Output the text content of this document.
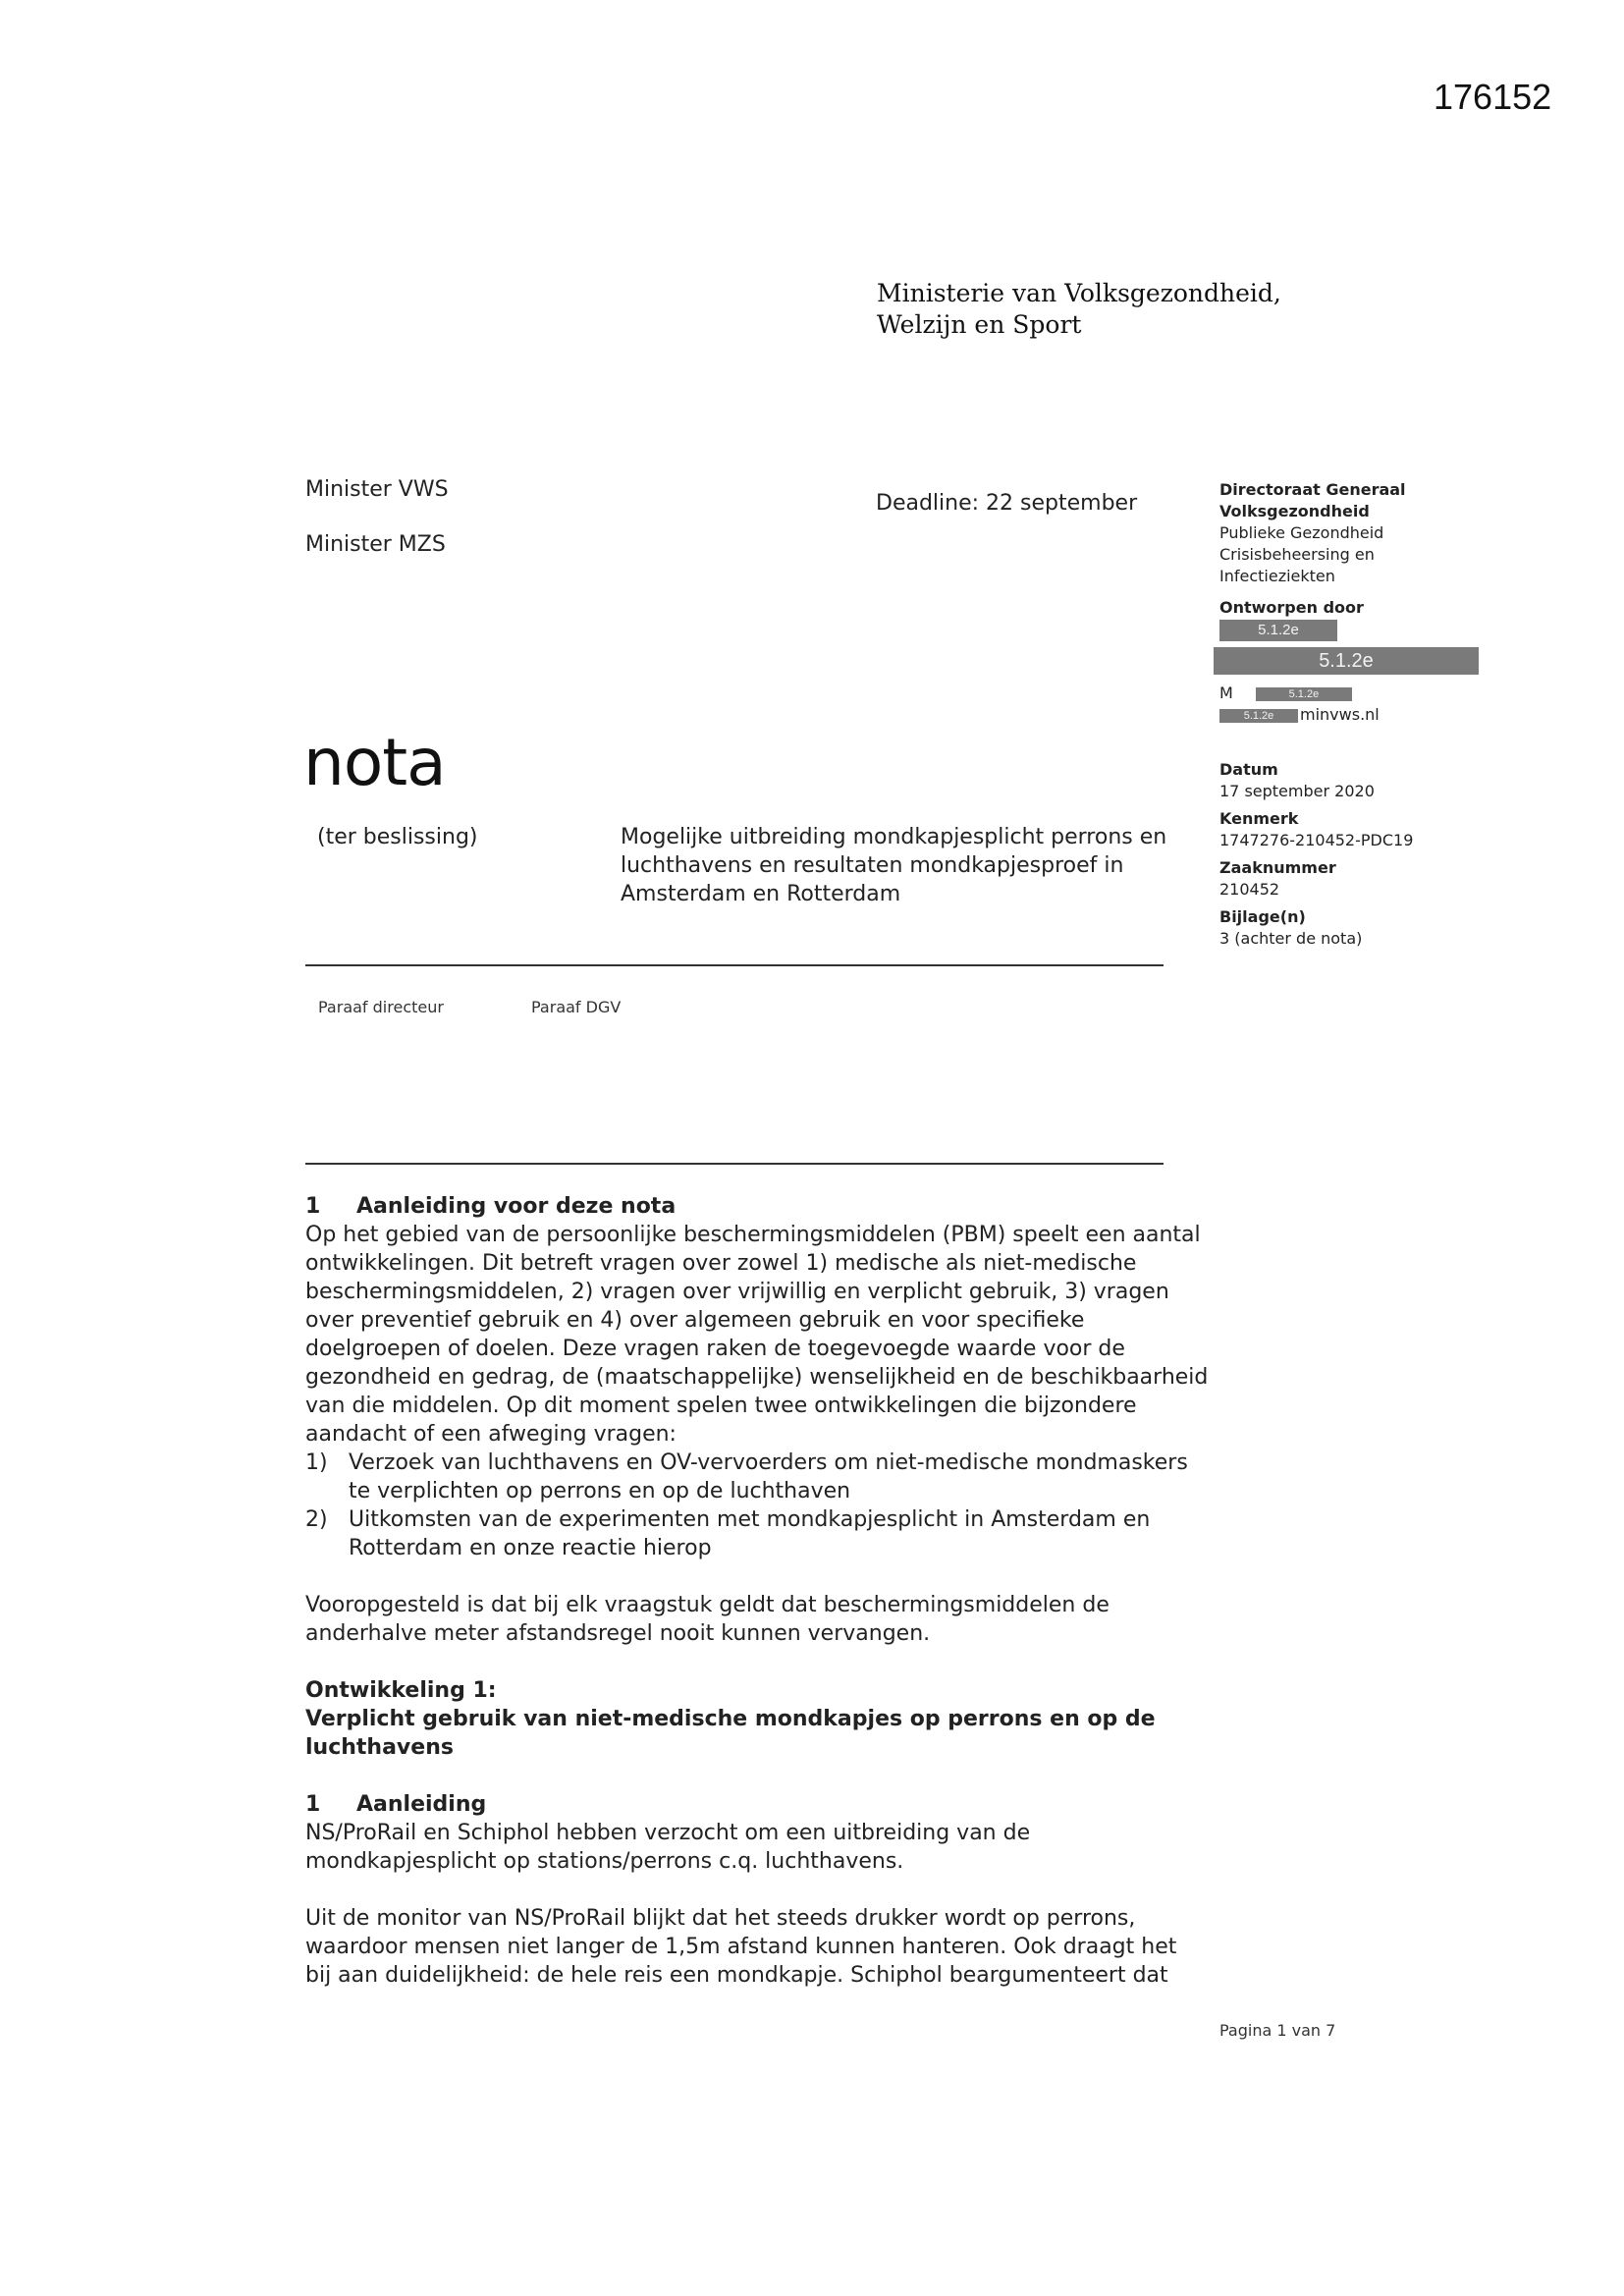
176152
Ministerie van Volksgezondheid,
Welzijn en Sport
Minister VWS
Minister MZS
Deadline: 22 september
Directoraat Generaal Volksgezondheid
Publieke Gezondheid Crisisbeheersing en Infectieziekten
Ontworpen door
5.1.2e
5.1.2e
M	5.1.2e
5.1.2e minvws.nl
Datum
17 september 2020
Kenmerk
1747276-210452-PDC19
Zaaknummer
210452
Bijlage(n)
3 (achter de nota)
nota
(ter beslissing)	Mogelijke uitbreiding mondkapjesplicht perrons en luchthavens en resultaten mondkapjesproef in Amsterdam en Rotterdam
Paraaf directeur	Paraaf DGV

1 Aanleiding voor deze nota

Op het gebied van de persoonlijke beschermingsmiddelen (PBM) speelt een aantal ontwikkelingen. Dit betreft vragen over zowel 1) medische als niet-medische beschermingsmiddelen, 2) vragen over vrijwillig en verplicht gebruik, 3) vragen over preventief gebruik en 4) over algemeen gebruik en voor specifieke doelgroepen of doelen. Deze vragen raken de toegevoegde waarde voor de gezondheid en gedrag, de (maatschappelijke) wenselijkheid en de beschikbaarheid van die middelen. Op dit moment spelen twee ontwikkelingen die bijzondere aandacht of een afweging vragen:

1) Verzoek van luchthavens en OV-vervoerders om niet-medische mondmaskers te verplichten op perrons en op de luchthaven
2) Uitkomsten van de experimenten met mondkapjesplicht in Amsterdam en Rotterdam en onze reactie hierop

Vooropgesteld is dat bij elk vraagstuk geldt dat beschermingsmiddelen de anderhalve meter afstandsregel nooit kunnen vervangen.

Ontwikkeling 1:

Verplicht gebruik van niet-medische mondkapjes op perrons en op de luchthavens

1 Aanleiding

NS/ProRail en Schiphol hebben verzocht om een uitbreiding van de mondkapjesplicht op stations/perrons c.q. luchthavens.

Uit de monitor van NS/ProRail blijkt dat het steeds drukker wordt op perrons, waardoor mensen niet langer de 1,5m afstand kunnen hanteren. Ook draagt het bij aan duidelijkheid: de hele reis een mondkapje. Schiphol beargumenteert dat

Pagina 1 van 7
